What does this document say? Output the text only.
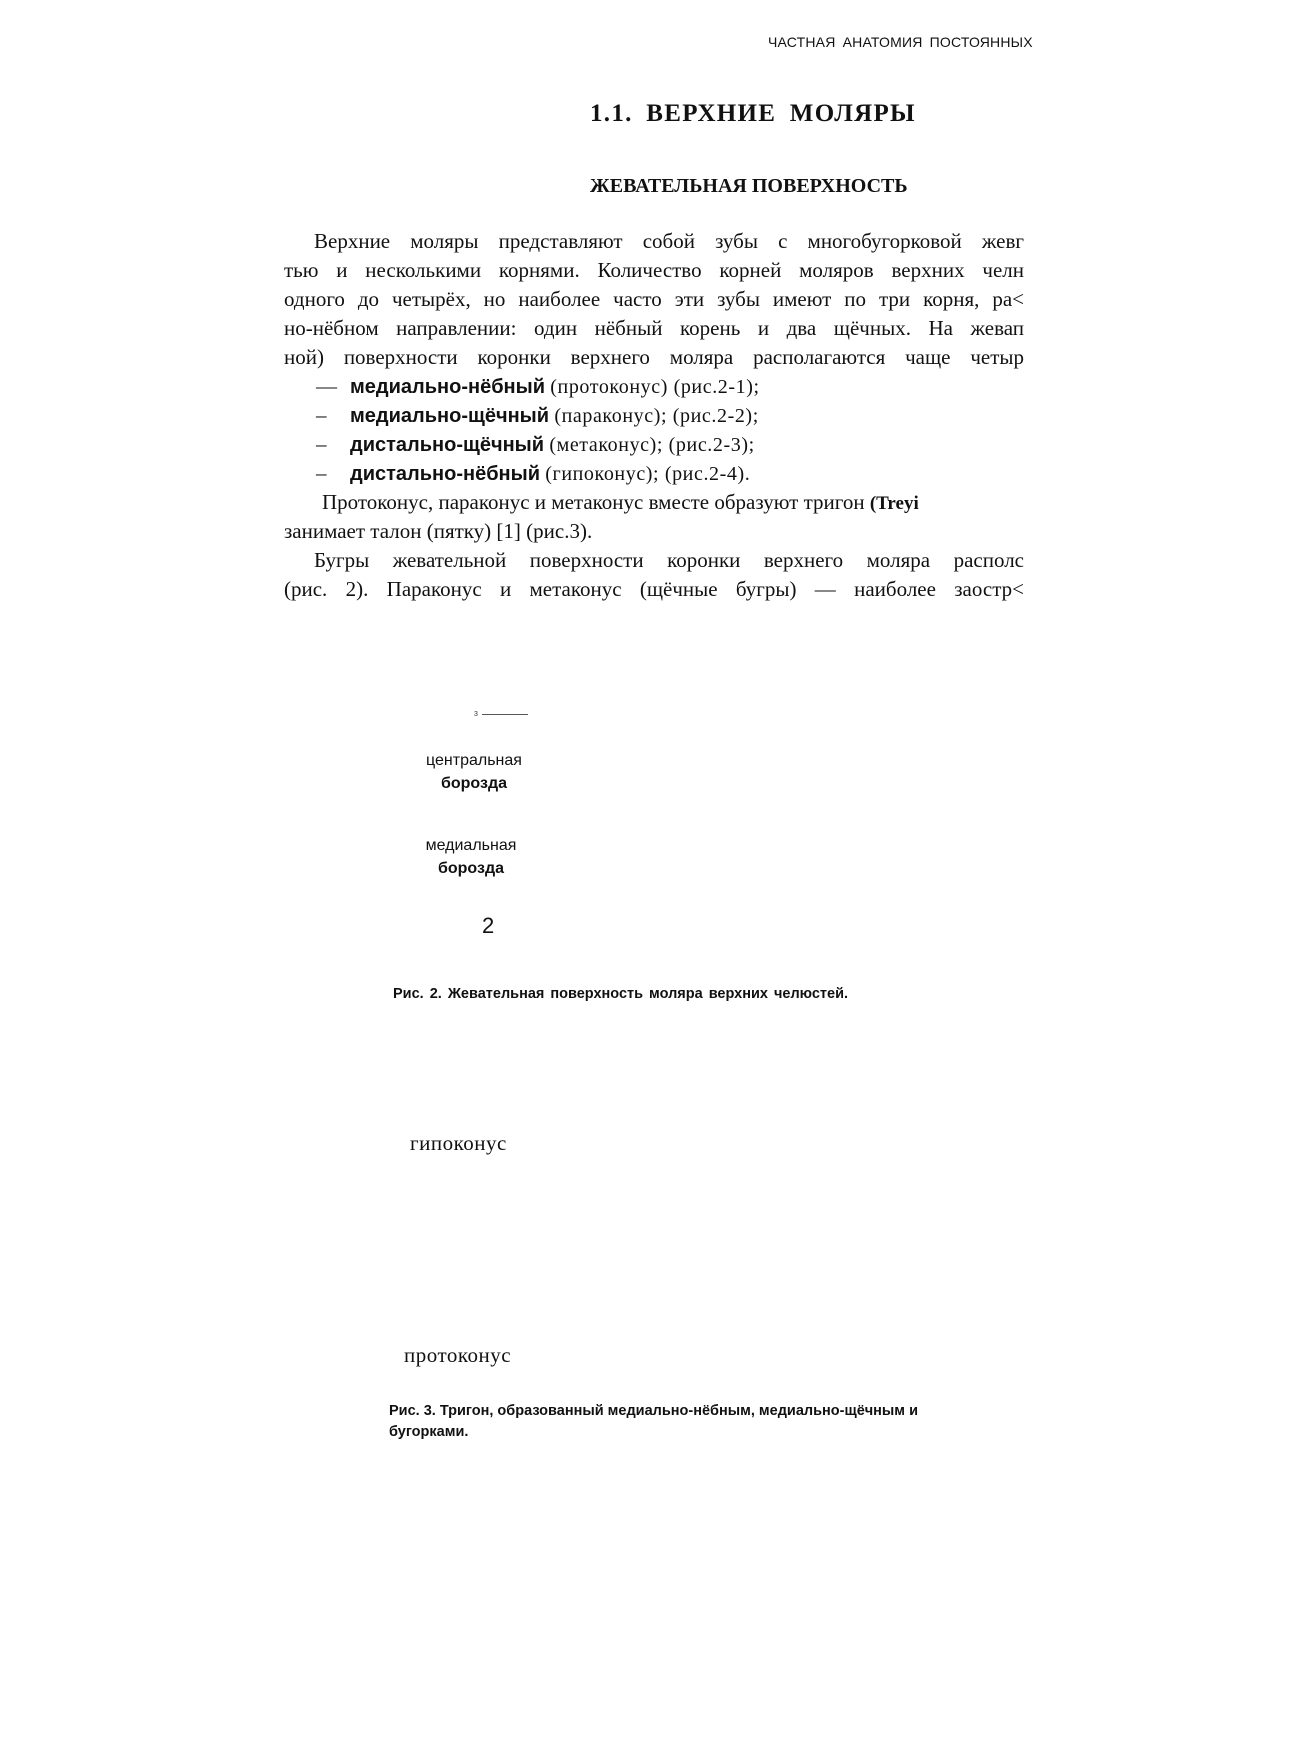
ЧАСТНАЯ АНАТОМИЯ ПОСТОЯННЫХ
1.1. ВЕРХНИЕ МОЛЯРЫ
ЖЕВАТЕЛЬНАЯ ПОВЕРХНОСТЬ
Верхние моляры представляют собой зубы с многобугорковой жевг
тью и несколькими корнями. Количество корней моляров верхних челн
одного до четырёх, но наиболее часто эти зубы имеют по три корня, ра<
но-нёбном направлении: один нёбный корень и два щёчных. На жевап
ной) поверхности коронки верхнего моляра располагаются чаще четыр
— медиально-нёбный (протоконус) (рис.2-1);
– медиально-щёчный (параконус); (рис.2-2);
– дистально-щёчный (метаконус); (рис.2-3);
– дистально-нёбный (гипоконус); (рис.2-4).
Протоконус, параконус и метаконус вместе образуют тригон (Treyi
занимает талон (пятку) [1] (рис.3).
Бугры жевательной поверхности коронки верхнего моляра располс
(рис. 2). Параконус и метаконус (щёчные бугры) — наиболее заостр<
3
центральная
борозда
медиальная
борозда
2
Рис. 2. Жевательная поверхность моляра верхних челюстей.
гипоконус
протоконус
Рис. 3. Тригон, образованный медиально-нёбным, медиально-щёчным и
бугорками.
